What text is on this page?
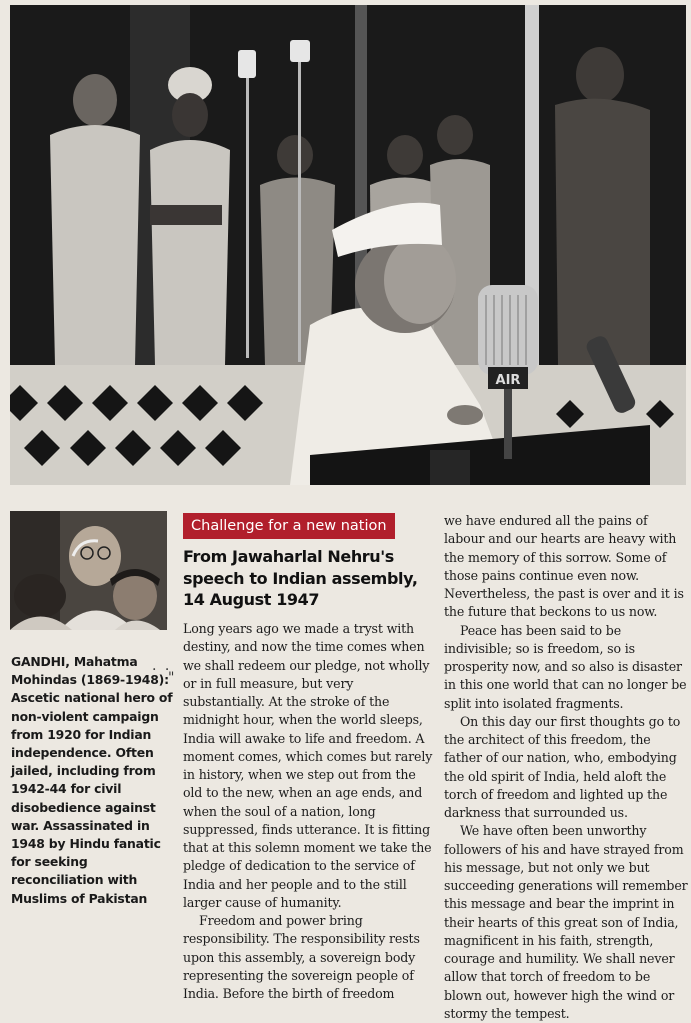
AIR
GANDHI, Mahatma Mohindas (1869-1948): Ascetic national hero of non-violent campaign from 1920 for Indian independence. Often jailed, including from 1942-44 for civil disobedience against war. Assassinated in 1948 by Hindu fanatic for seeking reconciliation with Muslims of Pakistan
. .
"
Challenge for a new nation
From Jawaharlal Nehru's speech to Indian assembly, 14 August 1947

Long years ago we made a tryst with destiny, and now the time comes when we shall redeem our pledge, not wholly or in full measure, but very substantially. At the stroke of the midnight hour, when the world sleeps, India will awake to life and freedom. A moment comes, which comes but rarely in history, when we step out from the old to the new, when an age ends, and when the soul of a nation, long suppressed, finds utterance. It is fitting that at this solemn moment we take the pledge of dedication to the service of India and her people and to the still larger cause of humanity.

Freedom and power bring responsibility. The responsibility rests upon this assembly, a sovereign body representing the sovereign people of India. Before the birth of freedom

we have endured all the pains of labour and our hearts are heavy with the memory of this sorrow. Some of those pains continue even now. Nevertheless, the past is over and it is the future that beckons to us now.

Peace has been said to be indivisible; so is freedom, so is prosperity now, and so also is disaster in this one world that can no longer be split into isolated fragments.

On this day our first thoughts go to the architect of this freedom, the father of our nation, who, embodying the old spirit of India, held aloft the torch of freedom and lighted up the darkness that surrounded us.

We have often been unworthy followers of his and have strayed from his message, but not only we but succeeding generations will remember this message and bear the imprint in their hearts of this great son of India, magnificent in his faith, strength, courage and humility. We shall never allow that torch of freedom to be blown out, however high the wind or stormy the tempest.
